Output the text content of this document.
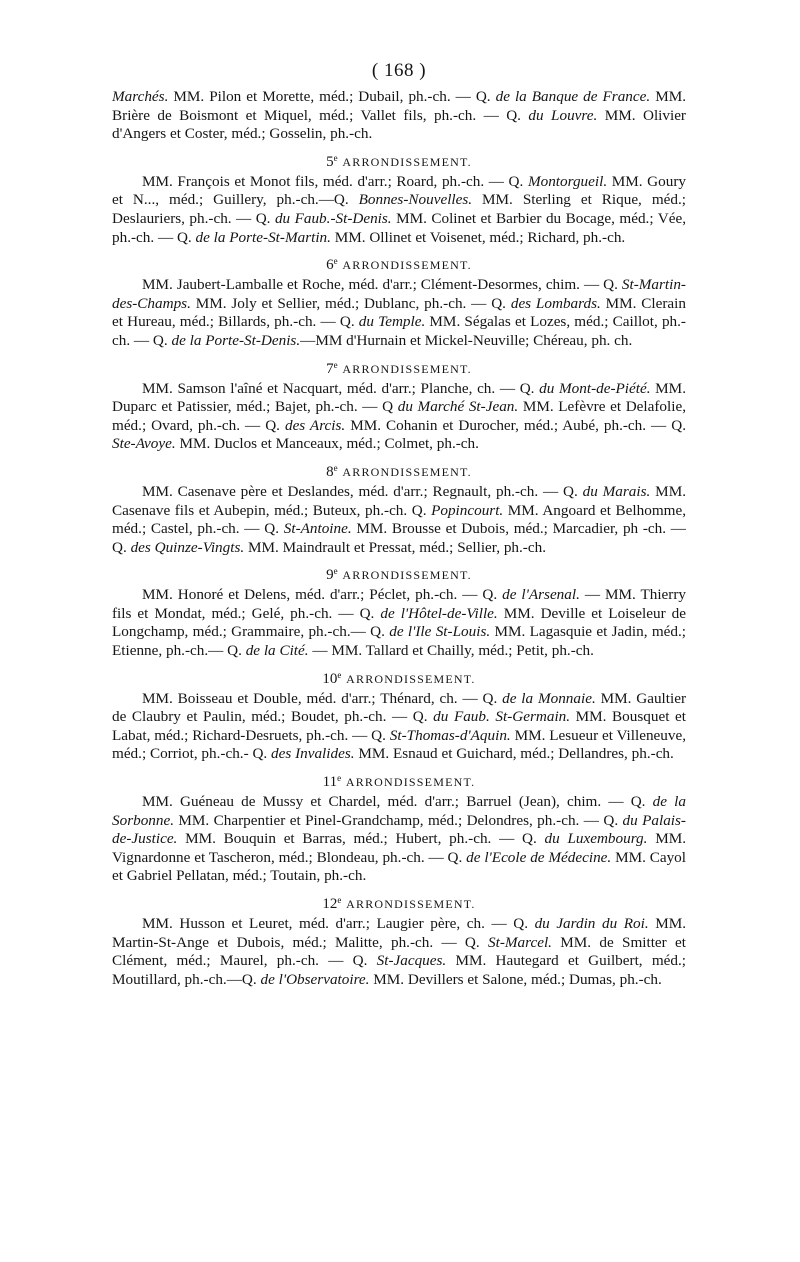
( 168 )

Marchés. MM. Pilon et Morette, méd.; Dubail, ph.-ch. — Q. de la Banque de France. MM. Brière de Boismont et Miquel, méd.; Vallet fils, ph.-ch. — Q. du Louvre. MM. Olivier d'Angers et Coster, méd.; Gosselin, ph.-ch.

5e ARRONDISSEMENT.

MM. François et Monot fils, méd. d'arr.; Roard, ph.-ch. — Q. Montorgueil. MM. Goury et N..., méd.; Guillery, ph.-ch.—Q. Bonnes-Nouvelles. MM. Sterling et Rique, méd.; Deslauriers, ph.-ch. — Q. du Faub.-St-Denis. MM. Colinet et Barbier du Bocage, méd.; Vée, ph.-ch. — Q. de la Porte-St-Martin. MM. Ollinet et Voisenet, méd.; Richard, ph.-ch.

6e ARRONDISSEMENT.

MM. Jaubert-Lamballe et Roche, méd. d'arr.; Clément-Desormes, chim. — Q. St-Martin-des-Champs. MM. Joly et Sellier, méd.; Dublanc, ph.-ch. — Q. des Lombards. MM. Clerain et Hureau, méd.; Billards, ph.-ch. — Q. du Temple. MM. Ségalas et Lozes, méd.; Caillot, ph.-ch. — Q. de la Porte-St-Denis.—MM d'Hurnain et Mickel-Neuville; Chéreau, ph. ch.

7e ARRONDISSEMENT.

MM. Samson l'aîné et Nacquart, méd. d'arr.; Planche, ch. — Q. du Mont-de-Piété. MM. Duparc et Patissier, méd.; Bajet, ph.-ch. — Q du Marché St-Jean. MM. Lefèvre et Delafolie, méd.; Ovard, ph.-ch. — Q. des Arcis. MM. Cohanin et Durocher, méd.; Aubé, ph.-ch. — Q. Ste-Avoye. MM. Duclos et Manceaux, méd.; Colmet, ph.-ch.

8e ARRONDISSEMENT.

MM. Casenave père et Deslandes, méd. d'arr.; Regnault, ph.-ch. — Q. du Marais. MM. Casenave fils et Aubepin, méd.; Buteux, ph.-ch. Q. Popincourt. MM. Angoard et Belhomme, méd.; Castel, ph.-ch. — Q. St-Antoine. MM. Brousse et Dubois, méd.; Marcadier, ph -ch. — Q. des Quinze-Vingts. MM. Maindrault et Pressat, méd.; Sellier, ph.-ch.

9e ARRONDISSEMENT.

MM. Honoré et Delens, méd. d'arr.; Péclet, ph.-ch. — Q. de l'Arsenal. — MM. Thierry fils et Mondat, méd.; Gelé, ph.-ch. — Q. de l'Hôtel-de-Ville. MM. Deville et Loiseleur de Longchamp, méd.; Grammaire, ph.-ch.— Q. de l'Ile St-Louis. MM. Lagasquie et Jadin, méd.; Etienne, ph.-ch.— Q. de la Cité. — MM. Tallard et Chailly, méd.; Petit, ph.-ch.

10e ARRONDISSEMENT.

MM. Boisseau et Double, méd. d'arr.; Thénard, ch. — Q. de la Monnaie. MM. Gaultier de Claubry et Paulin, méd.; Boudet, ph.-ch. — Q. du Faub. St-Germain. MM. Bousquet et Labat, méd.; Richard-Desruets, ph.-ch. — Q. St-Thomas-d'Aquin. MM. Lesueur et Villeneuve, méd.; Corriot, ph.-ch.- Q. des Invalides. MM. Esnaud et Guichard, méd.; Dellandres, ph.-ch.

11e ARRONDISSEMENT.

MM. Guéneau de Mussy et Chardel, méd. d'arr.; Barruel (Jean), chim. — Q. de la Sorbonne. MM. Charpentier et Pinel-Grandchamp, méd.; Delondres, ph.-ch. — Q. du Palais-de-Justice. MM. Bouquin et Barras, méd.; Hubert, ph.-ch. — Q. du Luxembourg. MM. Vignardonne et Tascheron, méd.; Blondeau, ph.-ch. — Q. de l'Ecole de Médecine. MM. Cayol et Gabriel Pellatan, méd.; Toutain, ph.-ch.

12e ARRONDISSEMENT.

MM. Husson et Leuret, méd. d'arr.; Laugier père, ch. — Q. du Jardin du Roi. MM. Martin-St-Ange et Dubois, méd.; Malitte, ph.-ch. — Q. St-Marcel. MM. de Smitter et Clément, méd.; Maurel, ph.-ch. — Q. St-Jacques. MM. Hautegard et Guilbert, méd.; Moutillard, ph.-ch.—Q. de l'Observatoire. MM. Devillers et Salone, méd.; Dumas, ph.-ch.
